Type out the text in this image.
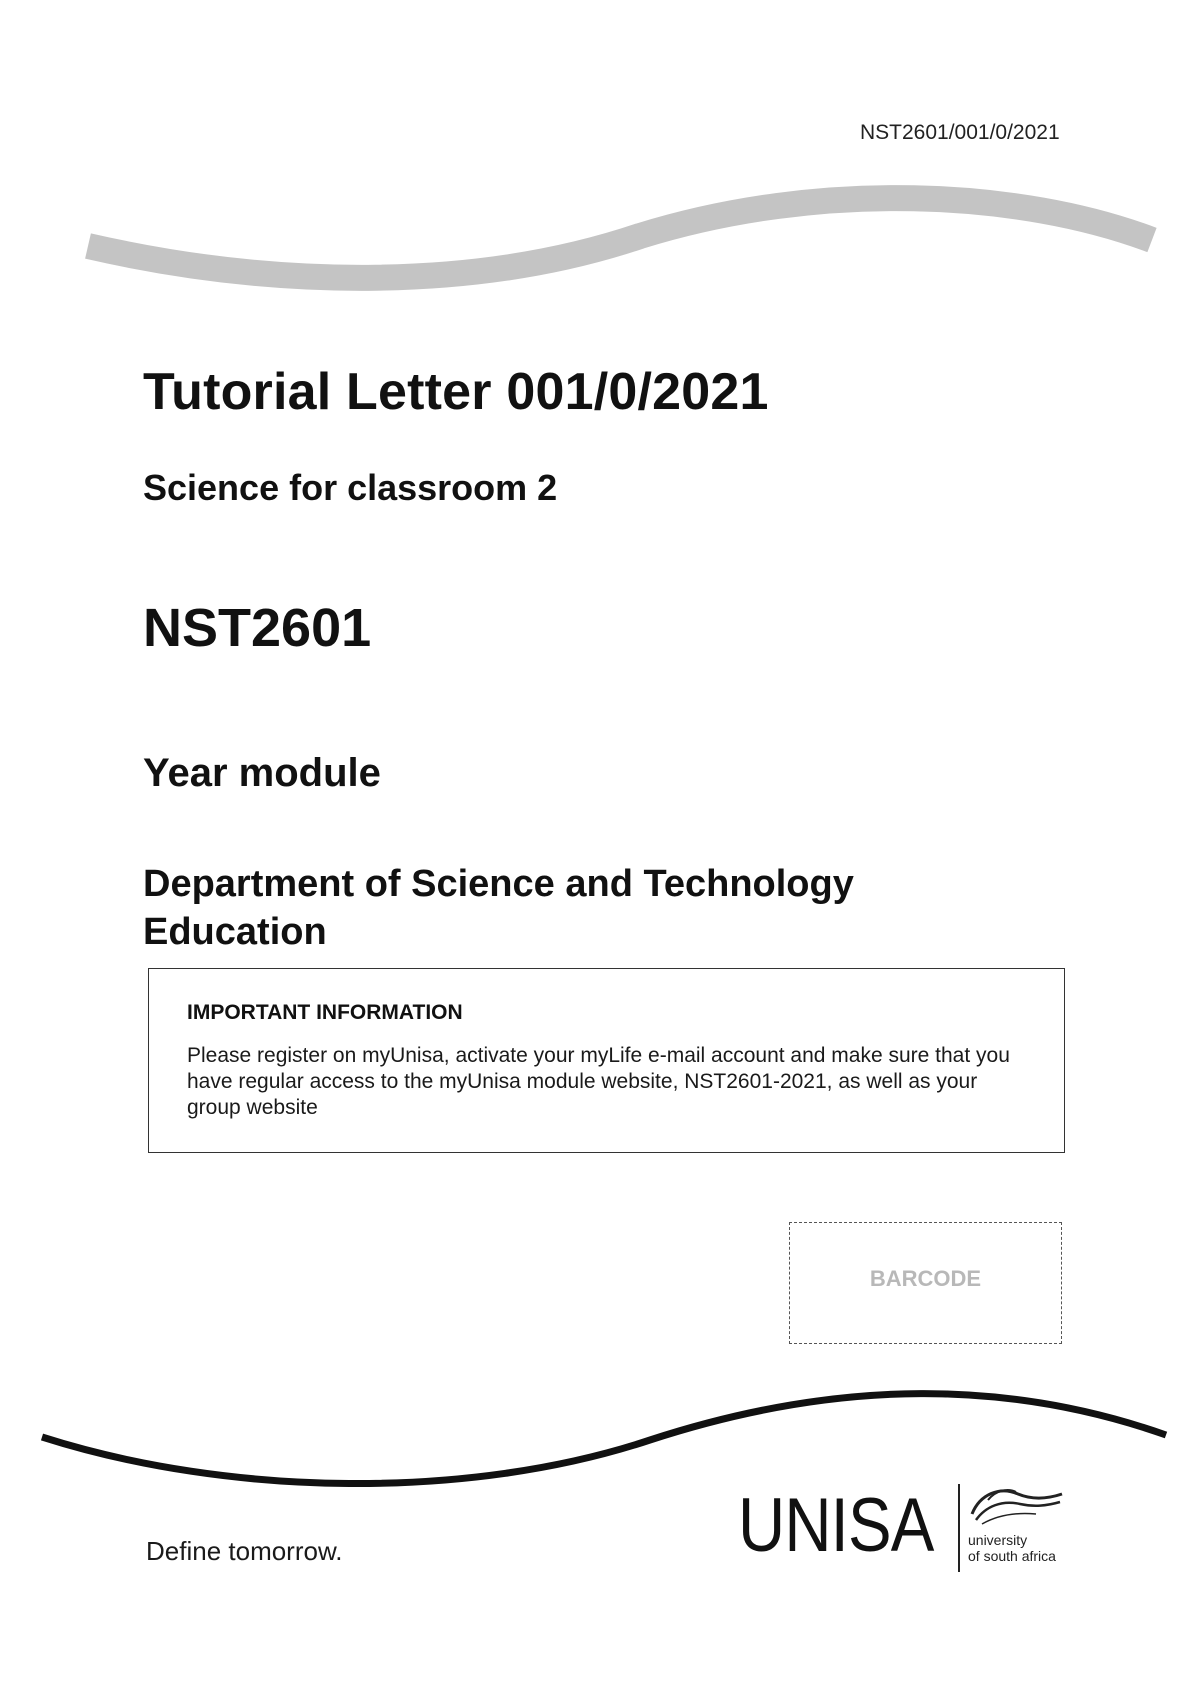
NST2601/001/0/2021
Tutorial Letter 001/0/2021
Science for classroom 2
NST2601
Year module
Department of Science and Technology Education

IMPORTANT INFORMATION

Please register on myUnisa, activate your myLife e-mail account and make sure that you have regular access to the myUnisa module website, NST2601-2021, as well as your group website

BARCODE
Define tomorrow.	UNISA university
of south africa
